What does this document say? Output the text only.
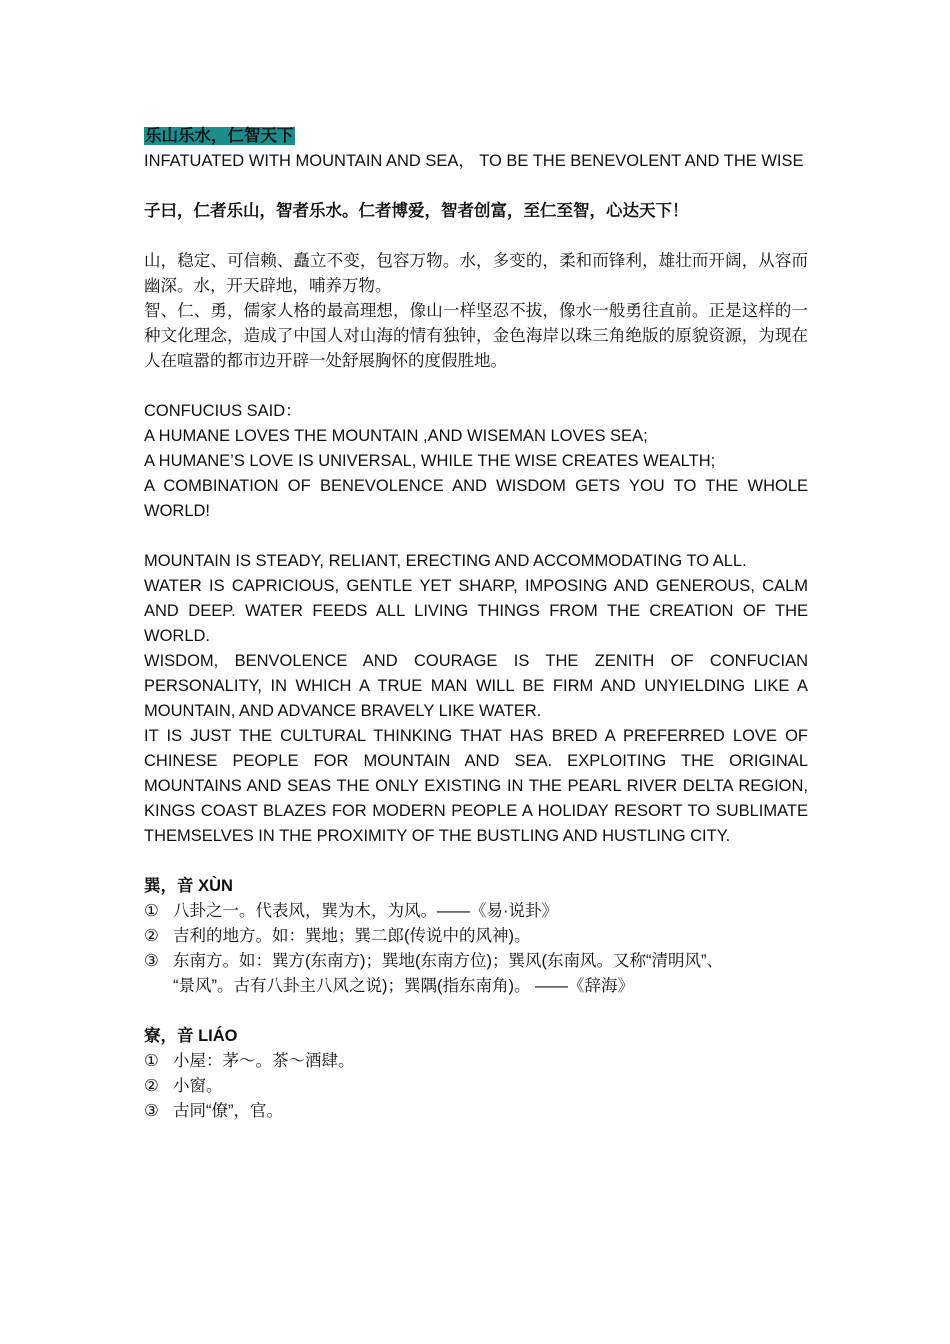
乐山乐水，仁智天下

INFATUATED WITH MOUNTAIN AND SEA， TO BE THE BENEVOLENT AND THE WISE

子曰，仁者乐山，智者乐水。仁者博爱，智者创富，至仁至智，心达天下！

山，稳定、可信赖、矗立不变，包容万物。水，多变的，柔和而锋利，雄壮而开阔，从容而幽深。水，开天辟地，哺养万物。

智、仁、勇，儒家人格的最高理想，像山一样坚忍不拔，像水一般勇往直前。正是这样的一种文化理念，造成了中国人对山海的情有独钟，金色海岸以珠三角绝版的原貌资源，为现在人在喧嚣的都市边开辟一处舒展胸怀的度假胜地。

CONFUCIUS SAID：

A HUMANE LOVES THE MOUNTAIN ,AND WISEMAN LOVES SEA;

A HUMANE’S LOVE IS UNIVERSAL, WHILE THE WISE CREATES WEALTH;

A COMBINATION OF BENEVOLENCE AND WISDOM GETS YOU TO THE WHOLE WORLD!

MOUNTAIN IS STEADY, RELIANT, ERECTING AND ACCOMMODATING TO ALL.

WATER IS CAPRICIOUS, GENTLE YET SHARP, IMPOSING AND GENEROUS, CALM AND DEEP. WATER FEEDS ALL LIVING THINGS FROM THE CREATION OF THE WORLD.

WISDOM, BENVOLENCE AND COURAGE IS THE ZENITH OF CONFUCIAN PERSONALITY, IN WHICH A TRUE MAN WILL BE FIRM AND UNYIELDING LIKE A MOUNTAIN, AND ADVANCE BRAVELY LIKE WATER.

IT IS JUST THE CULTURAL THINKING THAT HAS BRED A PREFERRED LOVE OF CHINESE PEOPLE FOR MOUNTAIN AND SEA. EXPLOITING THE ORIGINAL MOUNTAINS AND SEAS THE ONLY EXISTING IN THE PEARL RIVER DELTA REGION, KINGS COAST BLAZES FOR MODERN PEOPLE A HOLIDAY RESORT TO SUBLIMATE THEMSELVES IN THE PROXIMITY OF THE BUSTLING AND HUSTLING CITY.

巽，音 XÙN

① 八卦之一。代表风，巽为木，为风。——《易·说卦》
② 吉利的地方。如：巽地；巽二郎(传说中的风神)。
③ 东南方。如：巽方(东南方)；巽地(东南方位)；巽风(东南风。又称“清明风”、

“景风”。古有八卦主八风之说)；巽隅(指东南角)。 ——《辞海》

寮，音 LIÁO

① 小屋：茅～。茶～酒肆。
② 小窗。
③ 古同“僚”，官。
